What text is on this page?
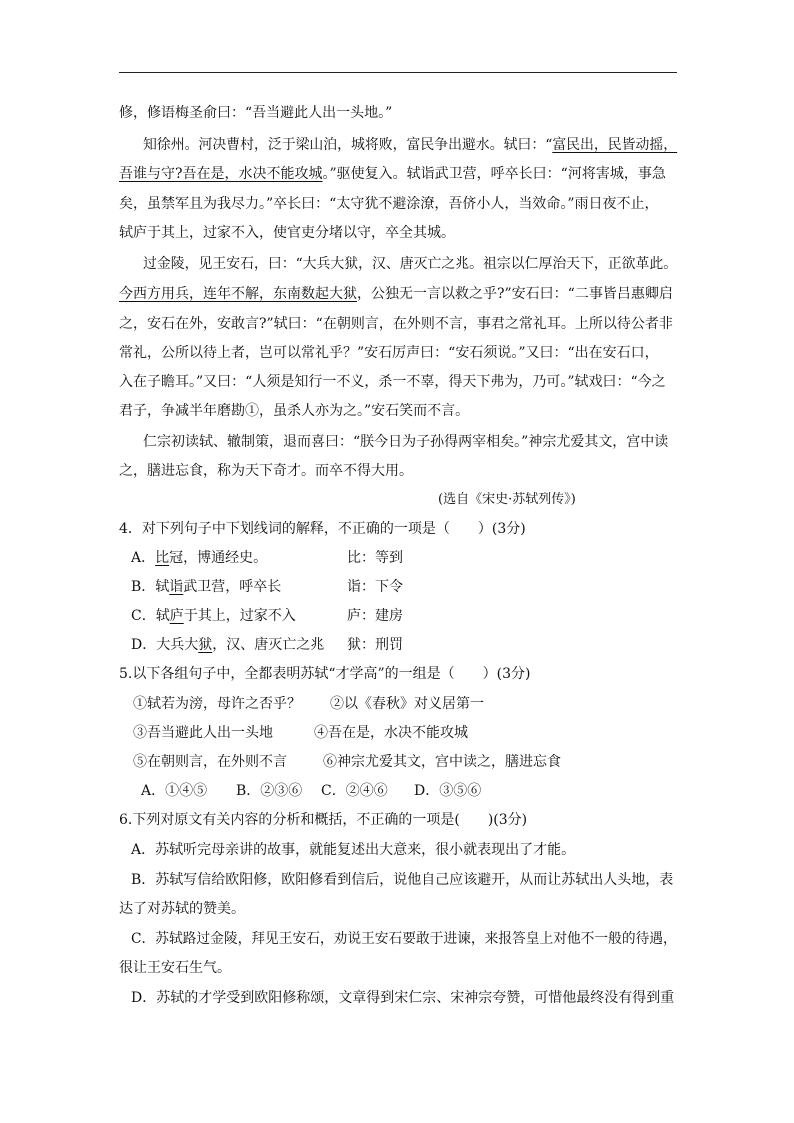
修，修语梅圣俞曰：“吾当避此人出一头地。”
知徐州。河决曹村，泛于梁山泊，城将败，富民争出避水。轼曰：“富民出，民皆动摇，
吾谁与守?吾在是，水决不能攻城。”驱使复入。轼诣武卫营，呼卒长曰：“河将害城，事急
矣，虽禁军且为我尽力。”卒长曰：“太守犹不避涂潦，吾侪小人，当效命。”雨日夜不止，
轼庐于其上，过家不入，使官吏分堵以守，卒全其城。
过金陵，见王安石，曰：“大兵大狱，汉、唐灭亡之兆。祖宗以仁厚治天下，正欲革此。
今西方用兵，连年不解，东南数起大狱，公独无一言以救之乎?”安石曰：“二事皆吕惠卿启
之，安石在外，安敢言?”轼曰：“在朝则言，在外则不言，事君之常礼耳。上所以待公者非
常礼，公所以待上者，岂可以常礼乎？”安石厉声曰：“安石须说。”又曰：“出在安石口，
入在子瞻耳。”又曰：“人须是知行一不义，杀一不辜，得天下弗为，乃可。”轼戏曰：“今之
君子，争减半年磨勘①，虽杀人亦为之。”安石笑而不言。
仁宗初读轼、辙制策，退而喜曰：“朕今日为子孙得两宰相矣。”神宗尤爱其文，宫中读
之，膳进忘食，称为天下奇才。而卒不得大用。
(选自《宋史·苏轼列传》)
4．对下列句子中下划线词的解释，不正确的一项是（　　）(3分)
A．比冠，博通经史。	比：等到
B．轼诣武卫营，呼卒长	诣：下令
C．轼庐于其上，过家不入	庐：建房
D．大兵大狱，汉、唐灭亡之兆 狱：刑罚
5.以下各组句子中，全都表明苏轼“才学高”的一组是（　　）(3分)
①轼若为滂，母许之否乎？ ②以《春秋》对义居第一
③吾当避此人出一头地	④吾在是，水决不能攻城
⑤在朝则言，在外则不言	⑥神宗尤爱其文，宫中读之，膳进忘食
A．①④⑤ B．②③⑥ C．②④⑥ D．③⑤⑥
6.下列对原文有关内容的分析和概括，不正确的一项是(　　)(3分)
A．苏轼听完母亲讲的故事，就能复述出大意来，很小就表现出了才能。
B．苏轼写信给欧阳修，欧阳修看到信后，说他自己应该避开，从而让苏轼出人头地，表
达了对苏轼的赞美。
C．苏轼路过金陵，拜见王安石，劝说王安石要敢于进谏，来报答皇上对他不一般的待遇，
很让王安石生气。
D．苏轼的才学受到欧阳修称颂，文章得到宋仁宗、宋神宗夸赞，可惜他最终没有得到重
